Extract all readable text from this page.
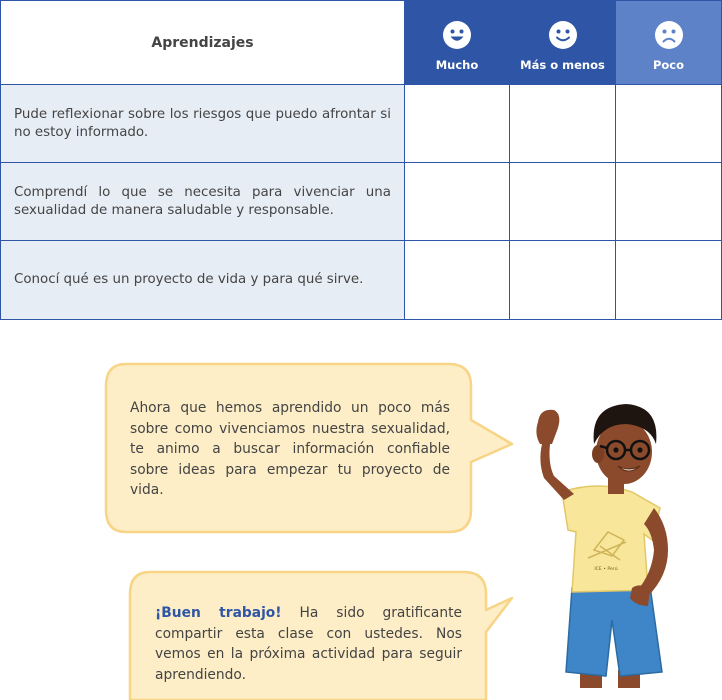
Aprendizajes
Mucho	Más o menos	Poco
Pude reflexionar sobre los riesgos que puedo afrontar si no estoy informado.
Comprendí lo que se necesita para vivenciar una sexualidad de manera saludable y responsable.
Conocí qué es un proyecto de vida y para qué sirve.
Ahora que hemos aprendido un poco más sobre como vivenciamos nuestra sexualidad, te animo a buscar información confiable sobre ideas para empezar tu proyecto de vida.
¡Buen trabajo! Ha sido gratificante compartir esta clase con ustedes. Nos vemos en la próxima actividad para seguir aprendiendo.
ICE • Perú
